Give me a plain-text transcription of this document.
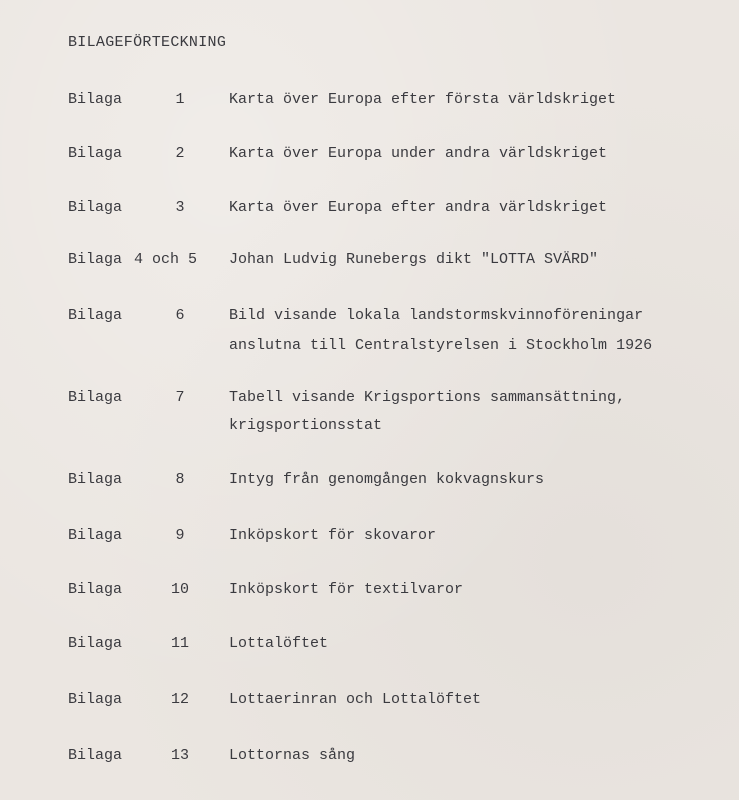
BILAGEFÖRTECKNING
Bilaga	1	Karta över Europa efter första världskriget
Bilaga	2	Karta över Europa under andra världskriget
Bilaga	3	Karta över Europa efter andra världskriget
Bilaga 4 och 5	Johan Ludvig Runebergs dikt "LOTTA SVÄRD"
Bilaga	6	Bild visande lokala landstormskvinnoföreningar
anslutna till Centralstyrelsen i Stockholm 1926
Bilaga	7	Tabell visande Krigsportions sammansättning,
krigsportionsstat
Bilaga	8	Intyg från genomgången kokvagnskurs
Bilaga	9	Inköpskort för skovaror
Bilaga	10	Inköpskort för textilvaror
Bilaga	11	Lottalöftet
Bilaga	12	Lottaerinran och Lottalöftet
Bilaga	13	Lottornas sång
